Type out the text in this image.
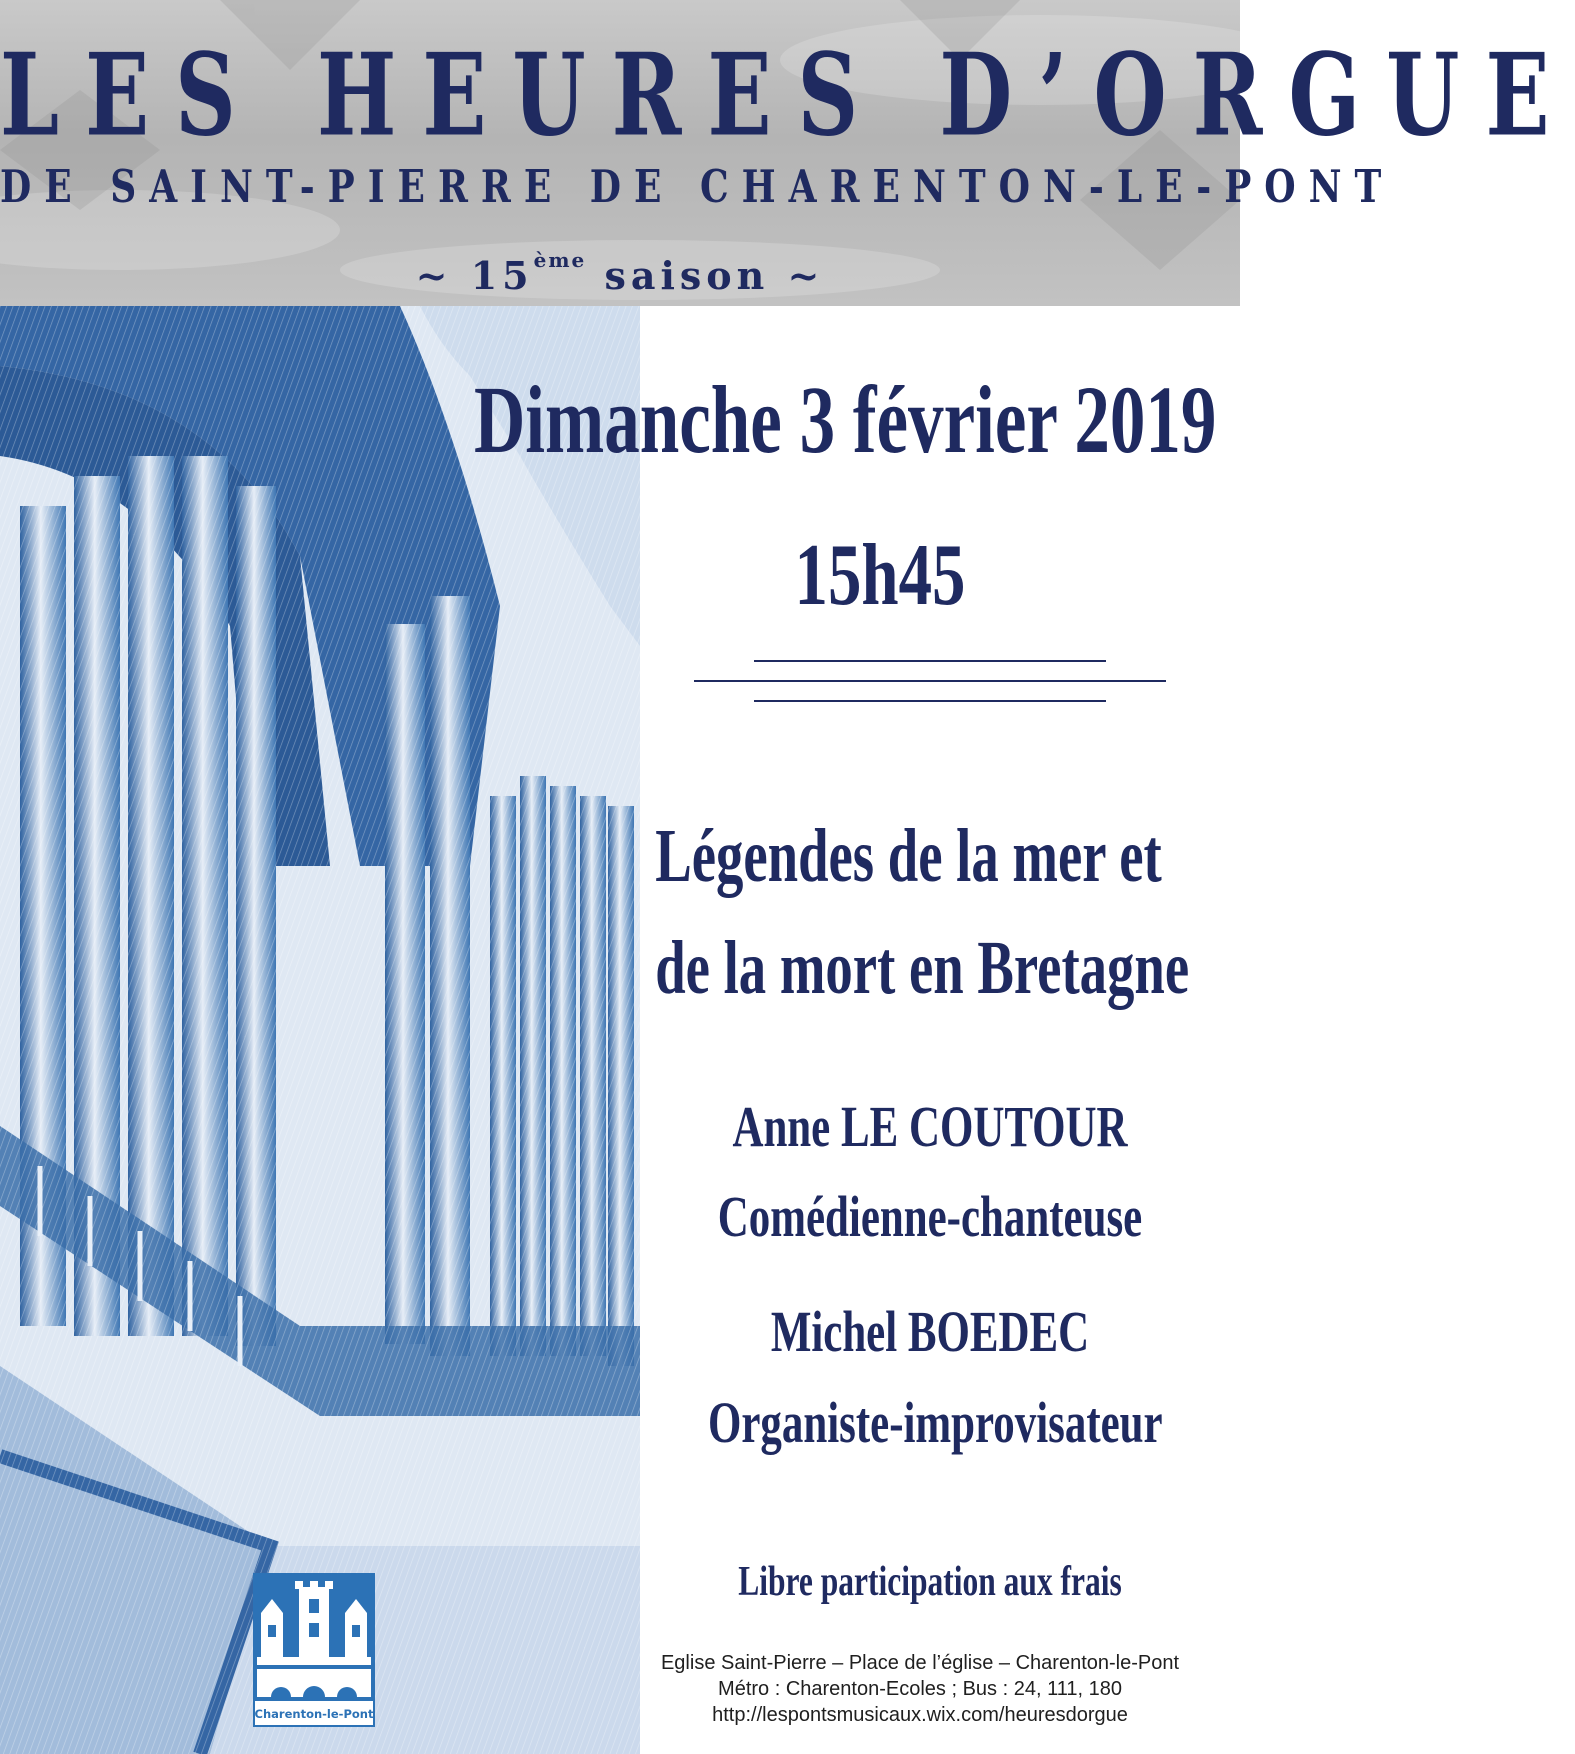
LES HEURES D’ORGUE
DE SAINT-PIERRE DE CHARENTON-LE-PONT
~ 15ème saison ~
Dimanche 3 février 2019
15h45
Légendes de la mer et
de la mort en Bretagne
Anne LE COUTOUR
Comédienne-chanteuse
Michel BOEDEC
Organiste-improvisateur
Libre participation aux frais
Charenton-le-Pont
Eglise Saint-Pierre – Place de l’église – Charenton-le-Pont
Métro : Charenton-Ecoles ; Bus : 24, 111, 180
http://lespontsmusicaux.wix.com/heuresdorgue
